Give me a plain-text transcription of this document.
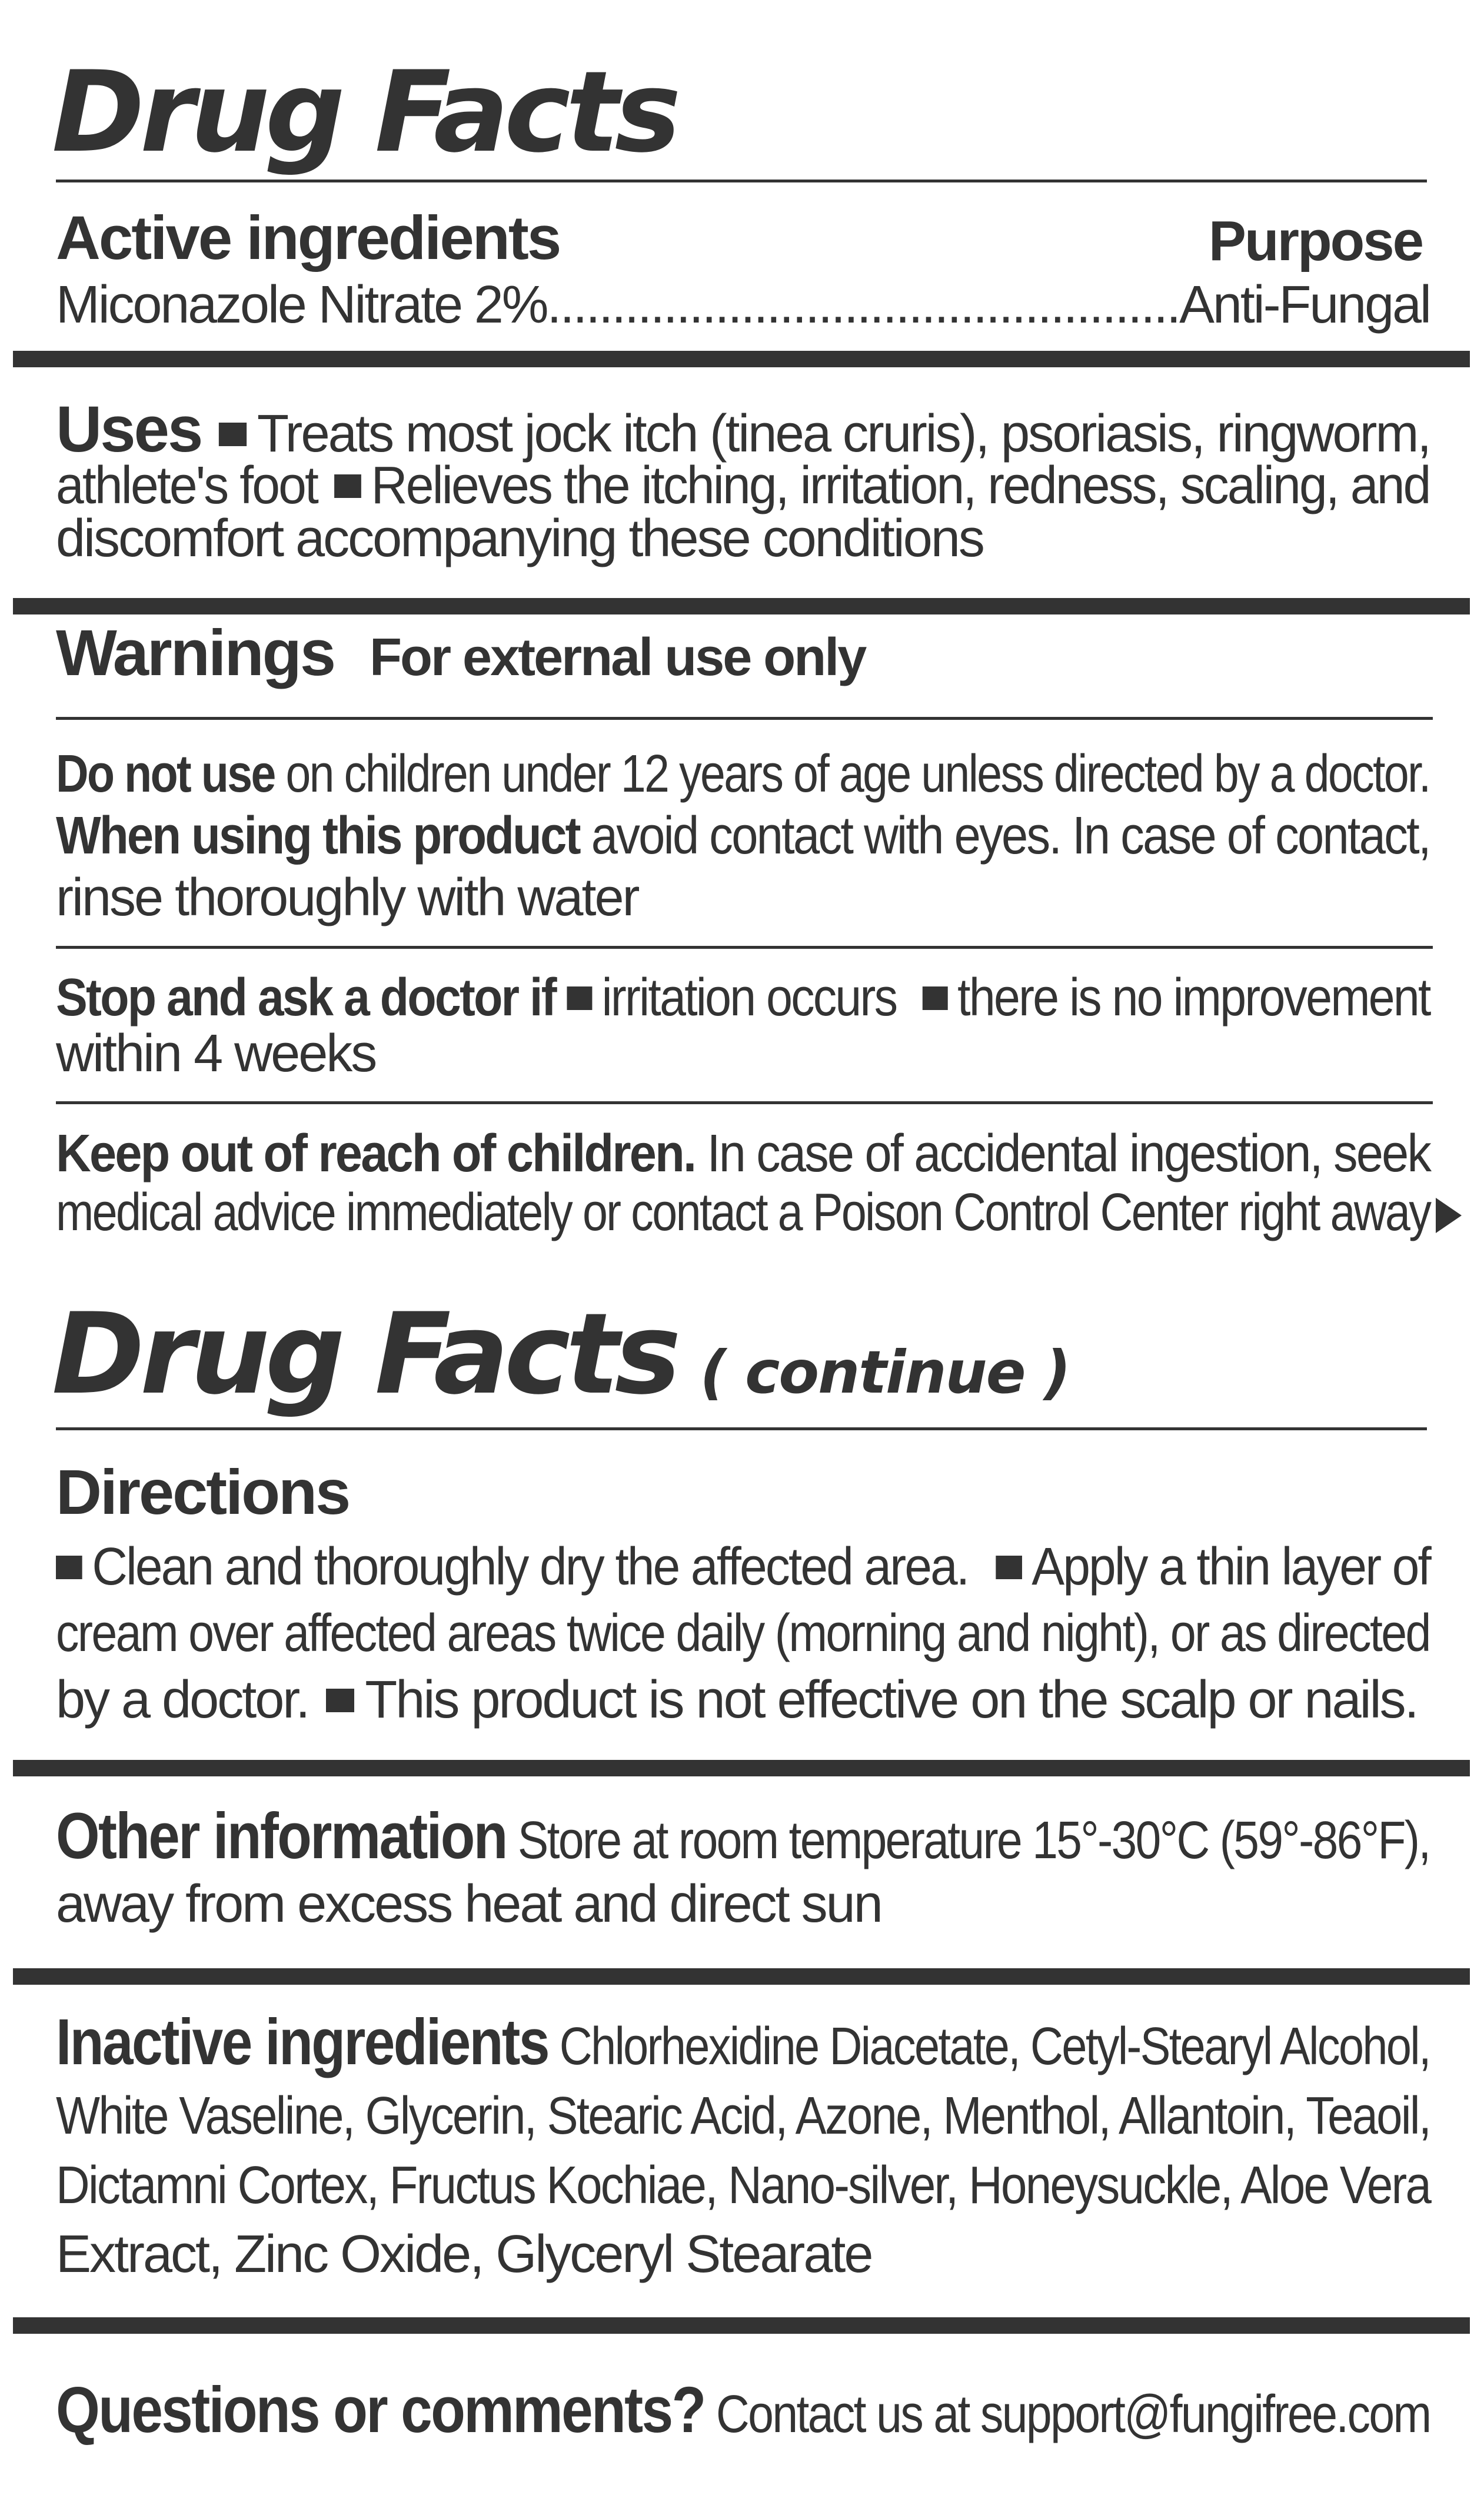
Drug Facts
Active ingredients	Purpose
Miconazole Nitrate 2%.................................................Anti-Fungal
Uses Treats most jock itch (tinea cruris), psoriasis, ringworm,
athlete's foot Relieves the itching, irritation, redness, scaling, and
discomfort accompanying these conditions
Warnings For external use only
Do not use on children under 12 years of age unless directed by a doctor.
When using this product avoid contact with eyes. In case of contact,
rinse thoroughly with water
Stop and ask a doctor if irritation occurs there is no improvement
within 4 weeks
Keep out of reach of children. In case of accidental ingestion, seek
medical advice immediately or contact a Poison Control Center right away
Drug Facts ( continue )
Directions
Clean and thoroughly dry the affected area. Apply a thin layer of
cream over affected areas twice daily (morning and night), or as directed
by a doctor. This product is not effective on the scalp or nails.
Other information Store at room temperature 15°-30°C (59°-86°F),
away from excess heat and direct sun
Inactive ingredients Chlorhexidine Diacetate, Cetyl-Stearyl Alcohol,
White Vaseline, Glycerin, Stearic Acid, Azone, Menthol, Allantoin, Teaoil,
Dictamni Cortex, Fructus Kochiae, Nano-silver, Honeysuckle, Aloe Vera
Extract, Zinc Oxide, Glyceryl Stearate
Questions or comments? Contact us at support@fungifree.com
